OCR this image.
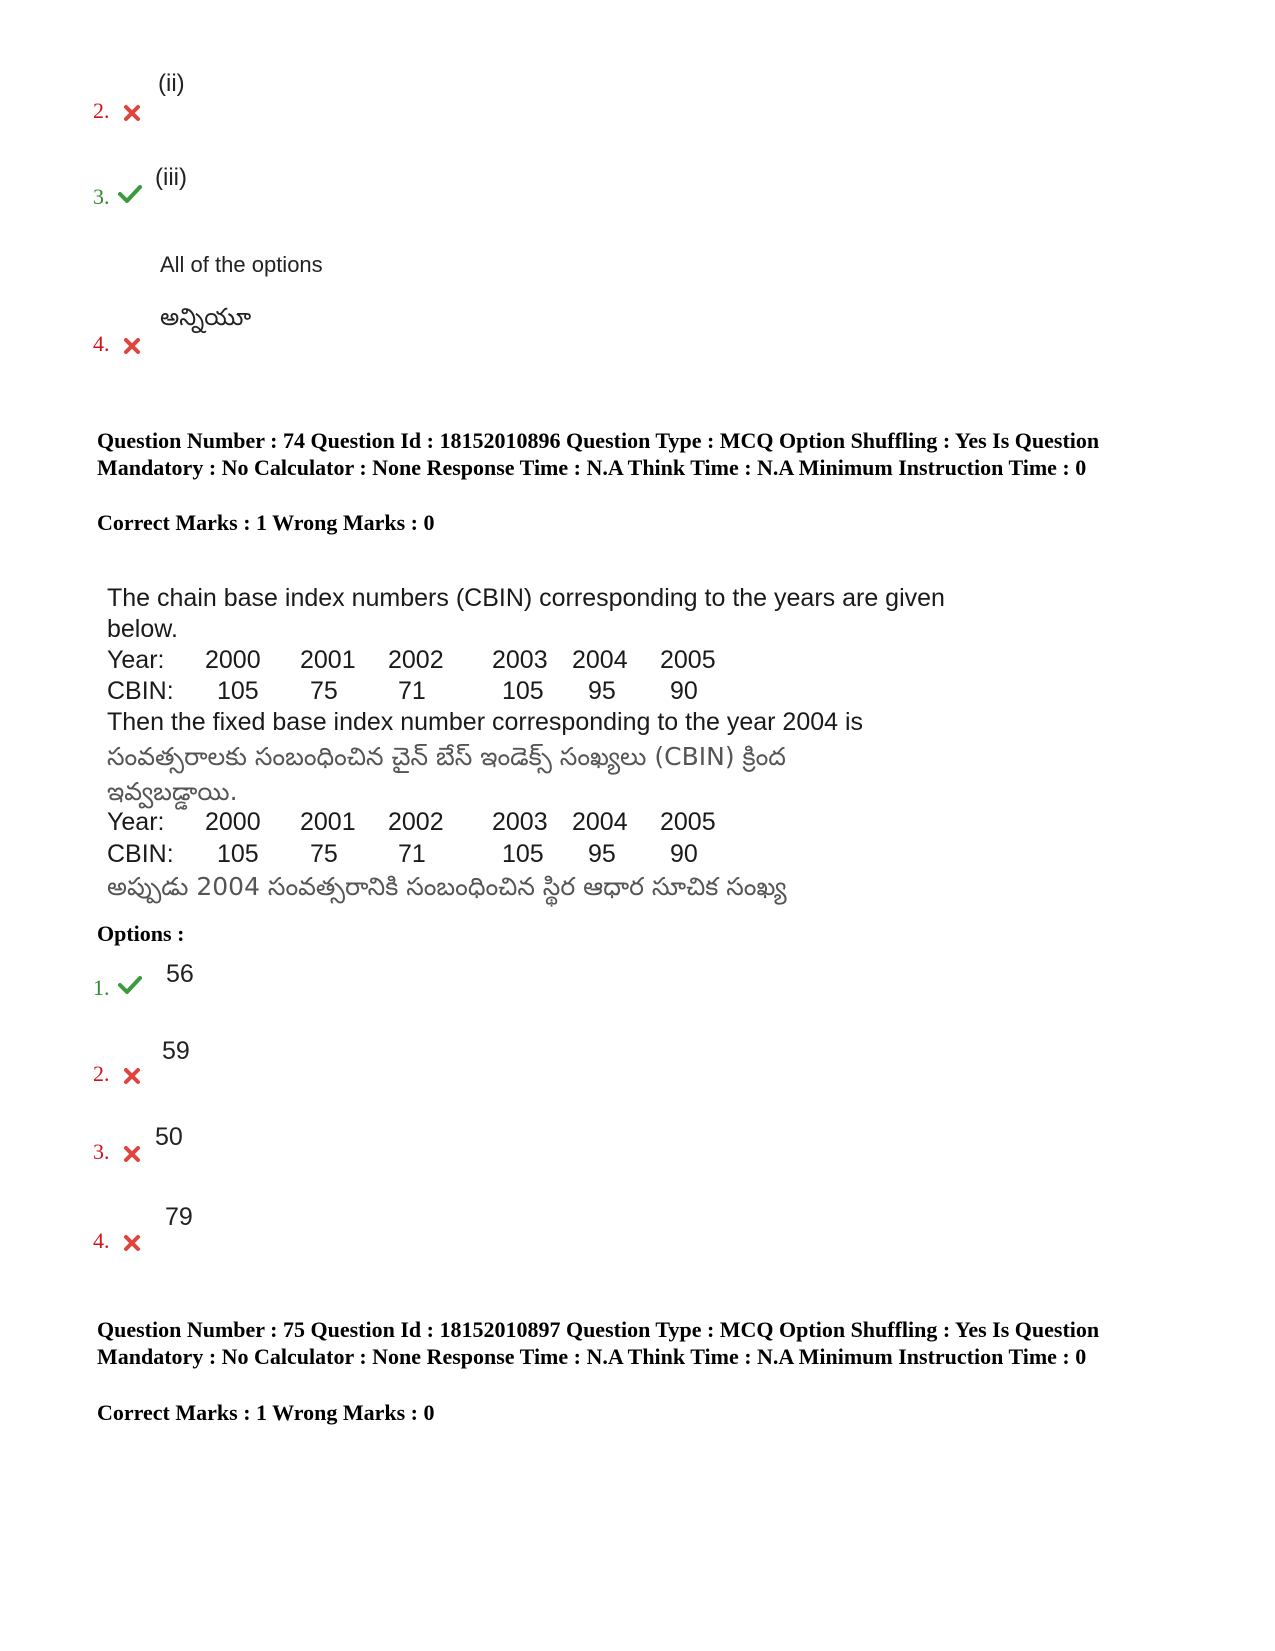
(ii)
2.
(iii)
3.
All of the options
అన్నియూ
4.
Question Number : 74 Question Id : 18152010896 Question Type : MCQ Option Shuffling : Yes Is Question Mandatory : No Calculator : None Response Time : N.A Think Time : N.A Minimum Instruction Time : 0
Correct Marks : 1 Wrong Marks : 0
The chain base index numbers (CBIN) corresponding to the years are given
below.
Year: 2000 2001 2002 2003 2004 2005
CBIN: 105 75 71	105 95 90
Then the fixed base index number corresponding to the year 2004 is
సంవత్సరాలకు సంబంధించిన చైన్ బేస్ ఇండెక్స్ సంఖ్యలు (CBIN) క్రింద
ఇవ్వబడ్డాయి.
Year: 2000 2001 2002 2003 2004 2005
CBIN: 105 75 71	105 95 90
అప్పుడు 2004 సంవత్సరానికి సంబంధించిన స్థిర ఆధార సూచిక సంఖ్య
Options :
56
1.
59
2.
50
3.
79
4.
Question Number : 75 Question Id : 18152010897 Question Type : MCQ Option Shuffling : Yes Is Question Mandatory : No Calculator : None Response Time : N.A Think Time : N.A Minimum Instruction Time : 0
Correct Marks : 1 Wrong Marks : 0
